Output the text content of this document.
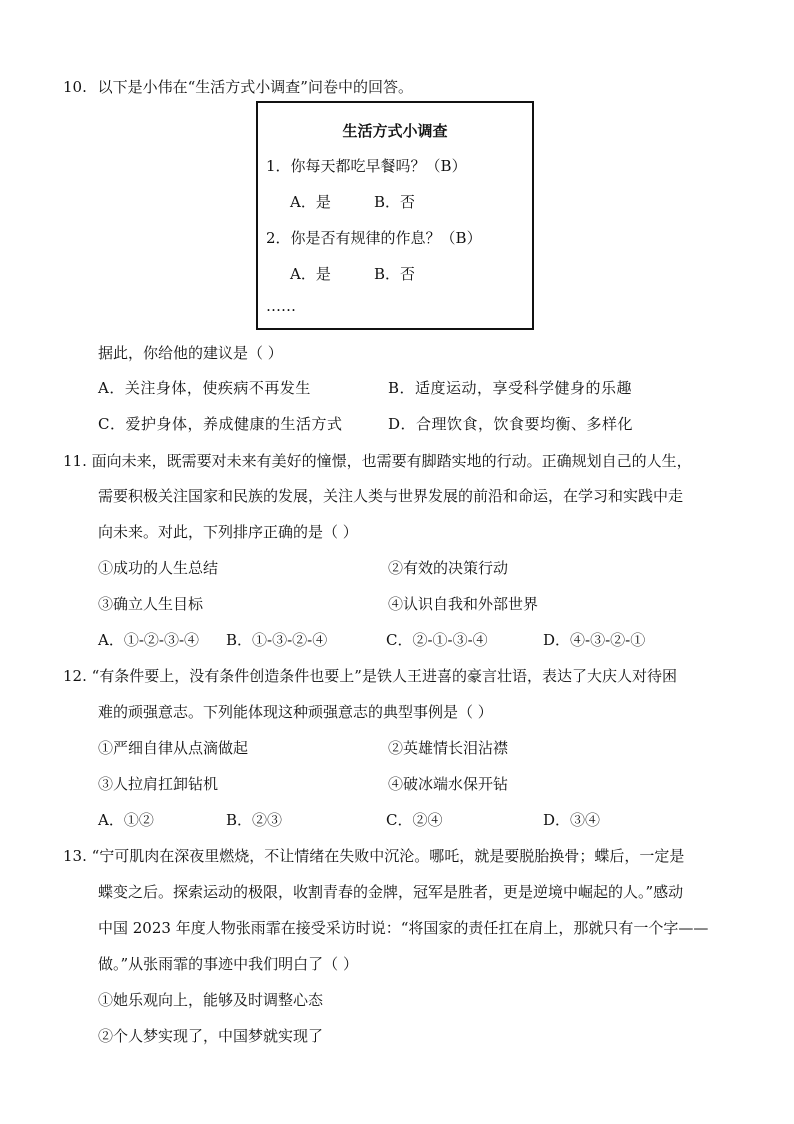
10. 以下是小伟在“生活方式小调查”问卷中的回答。
生活方式小调查
1．你每天都吃早餐吗？（B）
A．是	B．否
2．你是否有规律的作息？（B）
A．是	B．否
……
据此，你给他的建议是（ ）
A．关注身体，使疾病不再发生	B．适度运动，享受科学健身的乐趣
C．爱护身体，养成健康的生活方式	D．合理饮食，饮食要均衡、多样化
11. 面向未来，既需要对未来有美好的憧憬，也需要有脚踏实地的行动。正确规划自己的人生，
需要积极关注国家和民族的发展，关注人类与世界发展的前沿和命运，在学习和实践中走
向未来。对此，下列排序正确的是（ ）
①成功的人生总结	②有效的决策行动
③确立人生目标	④认识自我和外部世界
A．①-②-③-④ B．①-③-②-④	C．②-①-③-④	D．④-③-②-①
12. “有条件要上，没有条件创造条件也要上”是铁人王进喜的豪言壮语，表达了大庆人对待困
难的顽强意志。下列能体现这种顽强意志的典型事例是（ ）
①严细自律从点滴做起	②英雄情长泪沾襟
③人拉肩扛卸钻机	④破冰端水保开钻
A．①②	B．②③	C．②④	D．③④
13. “宁可肌肉在深夜里燃烧，不让情绪在失败中沉沦。哪吒，就是要脱胎换骨；蝶后，一定是
蝶变之后。探索运动的极限，收割青春的金牌，冠军是胜者，更是逆境中崛起的人。”感动
中国 2023 年度人物张雨霏在接受采访时说：“将国家的责任扛在肩上，那就只有一个字——
做。”从张雨霏的事迹中我们明白了（ ）
①她乐观向上，能够及时调整心态
②个人梦实现了，中国梦就实现了
